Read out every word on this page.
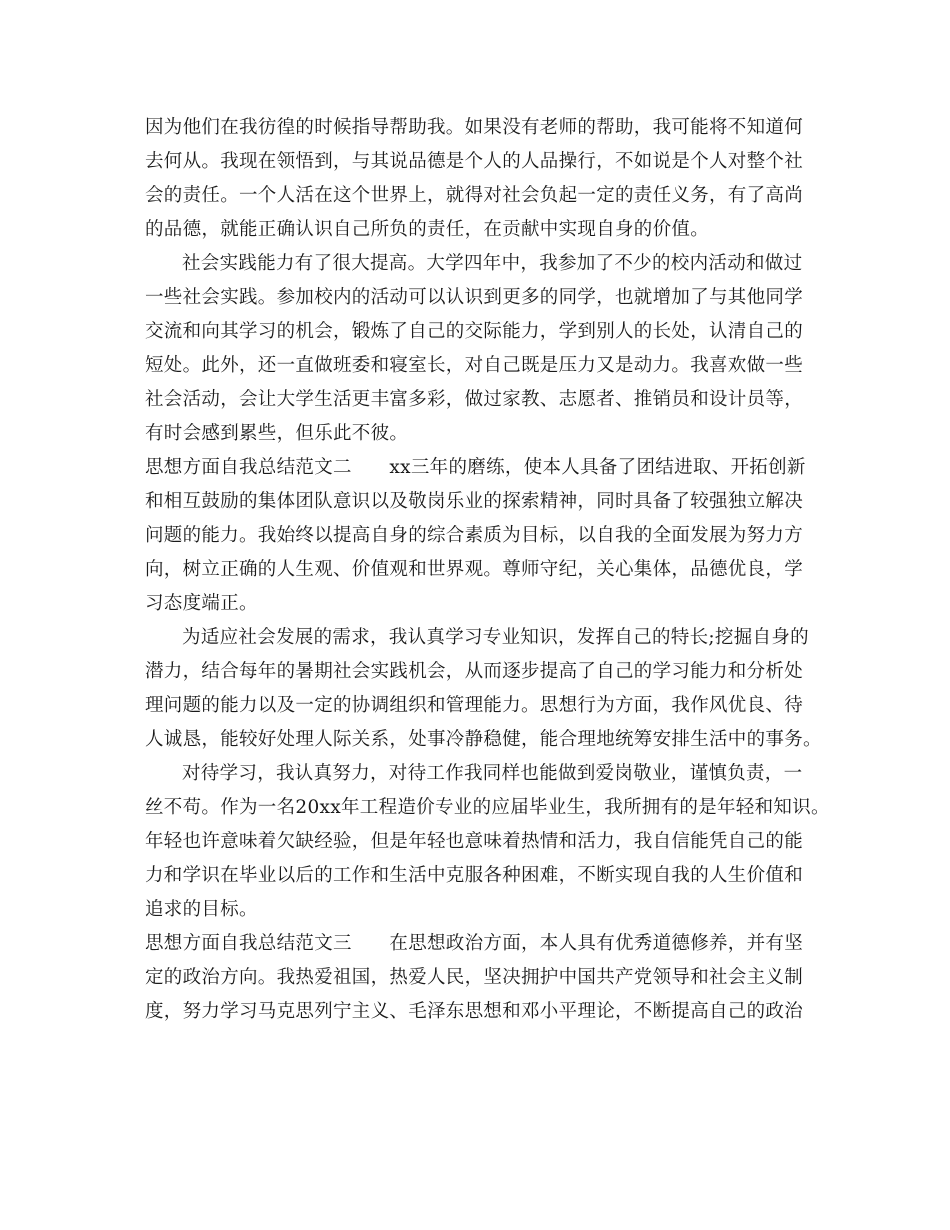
因为他们在我彷徨的时候指导帮助我。如果没有老师的帮助，我可能将不知道何
去何从。我现在领悟到，与其说品德是个人的人品操行，不如说是个人对整个社
会的责任。一个人活在这个世界上，就得对社会负起一定的责任义务，有了高尚
的品德，就能正确认识自己所负的责任，在贡献中实现自身的价值。
社会实践能力有了很大提高。大学四年中，我参加了不少的校内活动和做过
一些社会实践。参加校内的活动可以认识到更多的同学，也就增加了与其他同学
交流和向其学习的机会，锻炼了自己的交际能力，学到别人的长处，认清自己的
短处。此外，还一直做班委和寝室长，对自己既是压力又是动力。我喜欢做一些
社会活动，会让大学生活更丰富多彩，做过家教、志愿者、推销员和设计员等，
有时会感到累些，但乐此不彼。
思想方面自我总结范文二　　xx三年的磨练，使本人具备了团结进取、开拓创新
和相互鼓励的集体团队意识以及敬岗乐业的探索精神，同时具备了较强独立解决
问题的能力。我始终以提高自身的综合素质为目标，以自我的全面发展为努力方
向，树立正确的人生观、价值观和世界观。尊师守纪，关心集体，品德优良，学
习态度端正。
为适应社会发展的需求，我认真学习专业知识，发挥自己的特长;挖掘自身的
潜力，结合每年的暑期社会实践机会，从而逐步提高了自己的学习能力和分析处
理问题的能力以及一定的协调组织和管理能力。思想行为方面，我作风优良、待
人诚恳，能较好处理人际关系，处事冷静稳健，能合理地统筹安排生活中的事务。
对待学习，我认真努力，对待工作我同样也能做到爱岗敬业，谨慎负责，一
丝不苟。作为一名20xx年工程造价专业的应届毕业生，我所拥有的是年轻和知识。
年轻也许意味着欠缺经验，但是年轻也意味着热情和活力，我自信能凭自己的能
力和学识在毕业以后的工作和生活中克服各种困难，不断实现自我的人生价值和
追求的目标。
思想方面自我总结范文三　　在思想政治方面，本人具有优秀道德修养，并有坚
定的政治方向。我热爱祖国，热爱人民，坚决拥护中国共产党领导和社会主义制
度，努力学习马克思列宁主义、毛泽东思想和邓小平理论，不断提高自己的政治
